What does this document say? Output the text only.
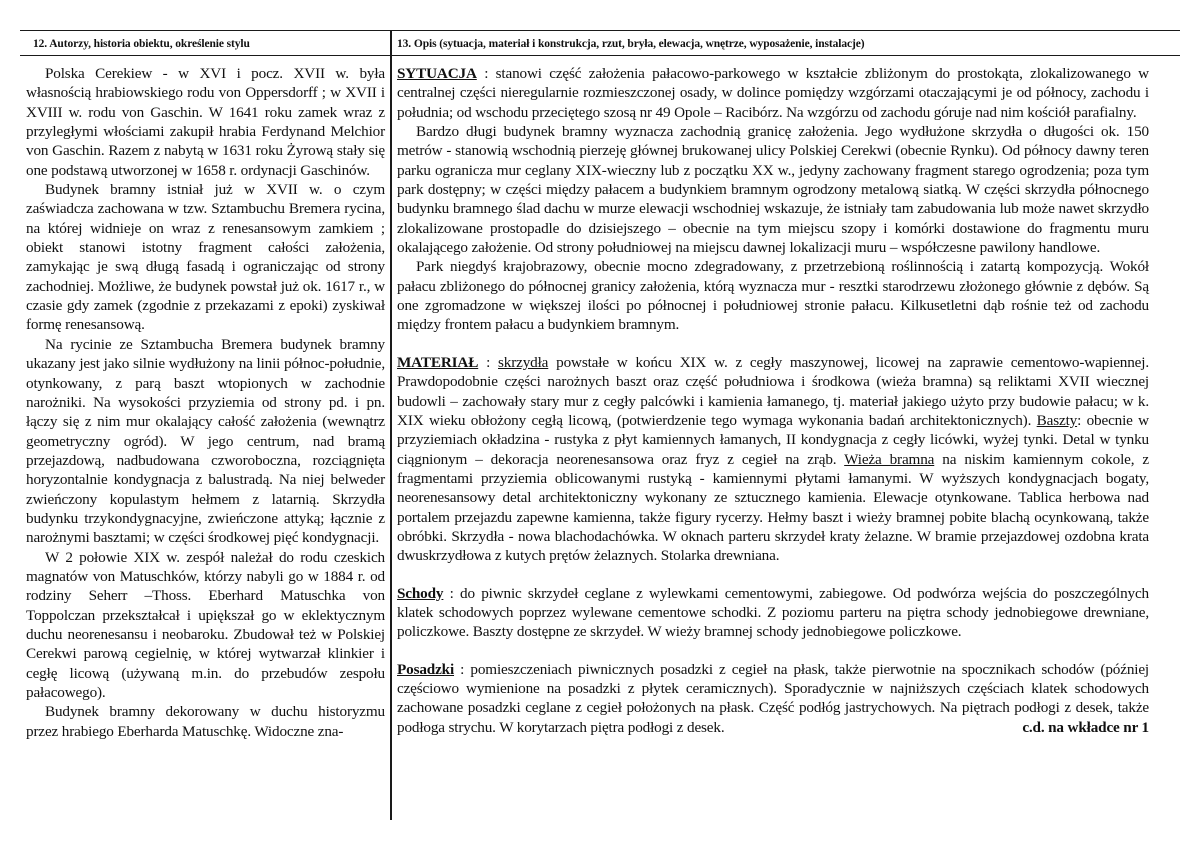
12. Autorzy, historia obiektu, określenie stylu	13. Opis (sytuacja, materiał i konstrukcja, rzut, bryła, elewacja, wnętrze, wyposażenie, instalacje)

Polska Cerekiew - w XVI i pocz. XVII w. była własnością hrabiowskiego rodu von Oppersdorff ; w XVII i XVIII w. rodu von Gaschin. W 1641 roku zamek wraz z przyległymi włościami zakupił hrabia Ferdynand Melchior von Gaschin. Razem z nabytą w 1631 roku Żyrową stały się one podstawą utworzonej w 1658 r. ordynacji Gaschinów.

Budynek bramny istniał już w XVII w. o czym zaświadcza zachowana w tzw. Sztambuchu Bremera rycina, na której widnieje on wraz z renesansowym zamkiem ; obiekt stanowi istotny fragment całości założenia, zamykając je swą długą fasadą i ograniczając od strony zachodniej. Możliwe, że budynek powstał już ok. 1617 r., w czasie gdy zamek (zgodnie z przekazami z epoki) zyskiwał formę renesansową.

Na rycinie ze Sztambucha Bremera budynek bramny ukazany jest jako silnie wydłużony na linii północ-południe, otynkowany, z parą baszt wtopionych w zachodnie narożniki. Na wysokości przyziemia od strony pd. i pn. łączy się z nim mur okalający całość założenia (wewnątrz geometryczny ogród). W jego centrum, nad bramą przejazdową, nadbudowana czworoboczna, rozciągnięta horyzontalnie kondygnacja z balustradą. Na niej belweder zwieńczony kopulastym hełmem z latarnią. Skrzydła budynku trzykondygnacyjne, zwieńczone attyką; łącznie z narożnymi basztami; w części środkowej pięć kondygnacji.

W 2 połowie XIX w. zespół należał do rodu czeskich magnatów von Matuschków, którzy nabyli go w 1884 r. od rodziny Seherr –Thoss. Eberhard Matuschka von Toppolczan przekształcał i upiększał go w eklektycznym duchu neorenesansu i neobaroku. Zbudował też w Polskiej Cerekwi parową cegielnię, w której wytwarzał klinkier i cegłę licową (używaną m.in. do przebudów zespołu pałacowego).

Budynek bramny dekorowany w duchu historyzmu przez hrabiego Eberharda Matuschkę. Widoczne zna-

SYTUACJA : stanowi część założenia pałacowo-parkowego w kształcie zbliżonym do prostokąta, zlokalizowanego w centralnej części nieregularnie rozmieszczonej osady, w dolince pomiędzy wzgórzami otaczającymi je od północy, zachodu i południa; od wschodu przeciętego szosą nr 49 Opole – Racibórz. Na wzgórzu od zachodu góruje nad nim kościół parafialny.

Bardzo długi budynek bramny wyznacza zachodnią granicę założenia. Jego wydłużone skrzydła o długości ok. 150 metrów - stanowią wschodnią pierzeję głównej brukowanej ulicy Polskiej Cerekwi (obecnie Rynku). Od północy dawny teren parku ogranicza mur ceglany XIX-wieczny lub z początku XX w., jedyny zachowany fragment starego ogrodzenia; poza tym park dostępny; w części między pałacem a budynkiem bramnym ogrodzony metalową siatką. W części skrzydła północnego budynku bramnego ślad dachu w murze elewacji wschodniej wskazuje, że istniały tam zabudowania lub może nawet skrzydło zlokalizowane prostopadle do dzisiejszego – obecnie na tym miejscu szopy i komórki dostawione do fragmentu muru okalającego założenie. Od strony południowej na miejscu dawnej lokalizacji muru – współczesne pawilony handlowe.

Park niegdyś krajobrazowy, obecnie mocno zdegradowany, z przetrzebioną roślinnością i zatartą kompozycją. Wokół pałacu zbliżonego do północnej granicy założenia, którą wyznacza mur - resztki starodrzewu złożonego głównie z dębów. Są one zgromadzone w większej ilości po północnej i południowej stronie pałacu. Kilkusetletni dąb rośnie też od zachodu między frontem pałacu a budynkiem bramnym.

MATERIAŁ : skrzydła powstałe w końcu XIX w. z cegły maszynowej, licowej na zaprawie cementowo-wapiennej. Prawdopodobnie części narożnych baszt oraz część południowa i środkowa (wieża bramna) są reliktami XVII wiecznej budowli – zachowały stary mur z cegły palcówki i kamienia łamanego, tj. materiał jakiego użyto przy budowie pałacu; w k. XIX wieku obłożony cegłą licową, (potwierdzenie tego wymaga wykonania badań architektonicznych). Baszty: obecnie w przyziemiach okładzina - rustyka z płyt kamiennych łamanych, II kondygnacja z cegły licówki, wyżej tynki. Detal w tynku ciągnionym – dekoracja neorenesansowa oraz fryz z cegieł na zrąb. Wieża bramna na niskim kamiennym cokole, z fragmentami przyziemia oblicowanymi rustyką - kamiennymi płytami łamanymi. W wyższych kondygnacjach bogaty, neorenesansowy detal architektoniczny wykonany ze sztucznego kamienia. Elewacje otynkowane. Tablica herbowa nad portalem przejazdu zapewne kamienna, także figury rycerzy. Hełmy baszt i wieży bramnej pobite blachą ocynkowaną, także obróbki. Skrzydła - nowa blachodachówka. W oknach parteru skrzydeł kraty żelazne. W bramie przejazdowej ozdobna krata dwuskrzydłowa z kutych prętów żelaznych. Stolarka drewniana.

Schody : do piwnic skrzydeł ceglane z wylewkami cementowymi, zabiegowe. Od podwórza wejścia do poszczególnych klatek schodowych poprzez wylewane cementowe schodki. Z poziomu parteru na piętra schody jednobiegowe drewniane, policzkowe. Baszty dostępne ze skrzydeł. W wieży bramnej schody jednobiegowe policzkowe.

Posadzki : pomieszczeniach piwnicznych posadzki z cegieł na płask, także pierwotnie na spocznikach schodów (później częściowo wymienione na posadzki z płytek ceramicznych). Sporadycznie w najniższych częściach klatek schodowych zachowane posadzki ceglane z cegieł położonych na płask. Część podłóg jastrychowych. Na piętrach podłogi z desek, także podłoga strychu. W korytarzach piętra podłogi z desek.	c.d. na wkładce nr 1
